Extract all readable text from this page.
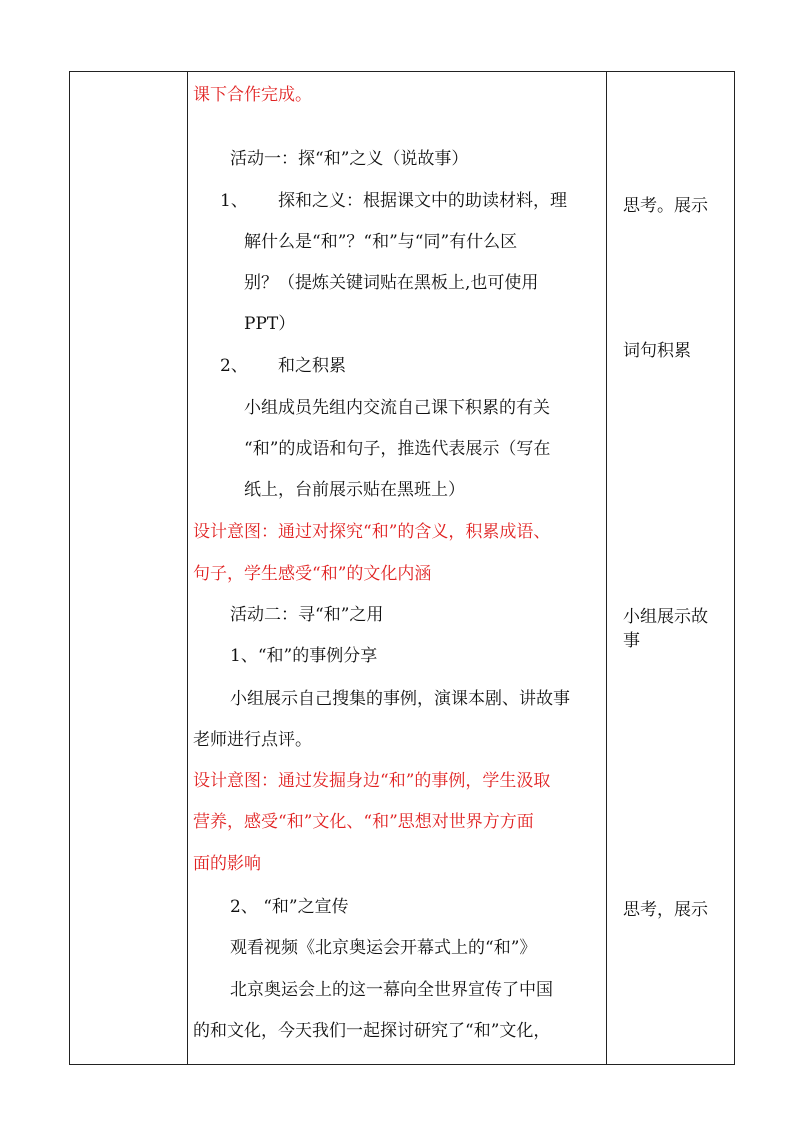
课下合作完成。
活动一：探“和”之义（说故事）
1、 探和之义：根据课文中的助读材料，理
解什么是“和”？“和”与“同”有什么区
别？（提炼关键词贴在黑板上,也可使用
PPT）
2、 和之积累
小组成员先组内交流自己课下积累的有关
“和”的成语和句子，推选代表展示（写在
纸上，台前展示贴在黑班上）
设计意图：通过对探究“和”的含义，积累成语、
句子，学生感受“和”的文化内涵
活动二：寻“和”之用
1、“和”的事例分享
小组展示自己搜集的事例，演课本剧、讲故事
老师进行点评。
设计意图：通过发掘身边“和”的事例，学生汲取
营养，感受“和”文化、“和”思想对世界方方面
面的影响
2、 “和”之宣传
观看视频《北京奥运会开幕式上的“和”》
北京奥运会上的这一幕向全世界宣传了中国
的和文化，今天我们一起探讨研究了“和”文化，
思考。展示
词句积累
小组展示故
事
思考，展示
